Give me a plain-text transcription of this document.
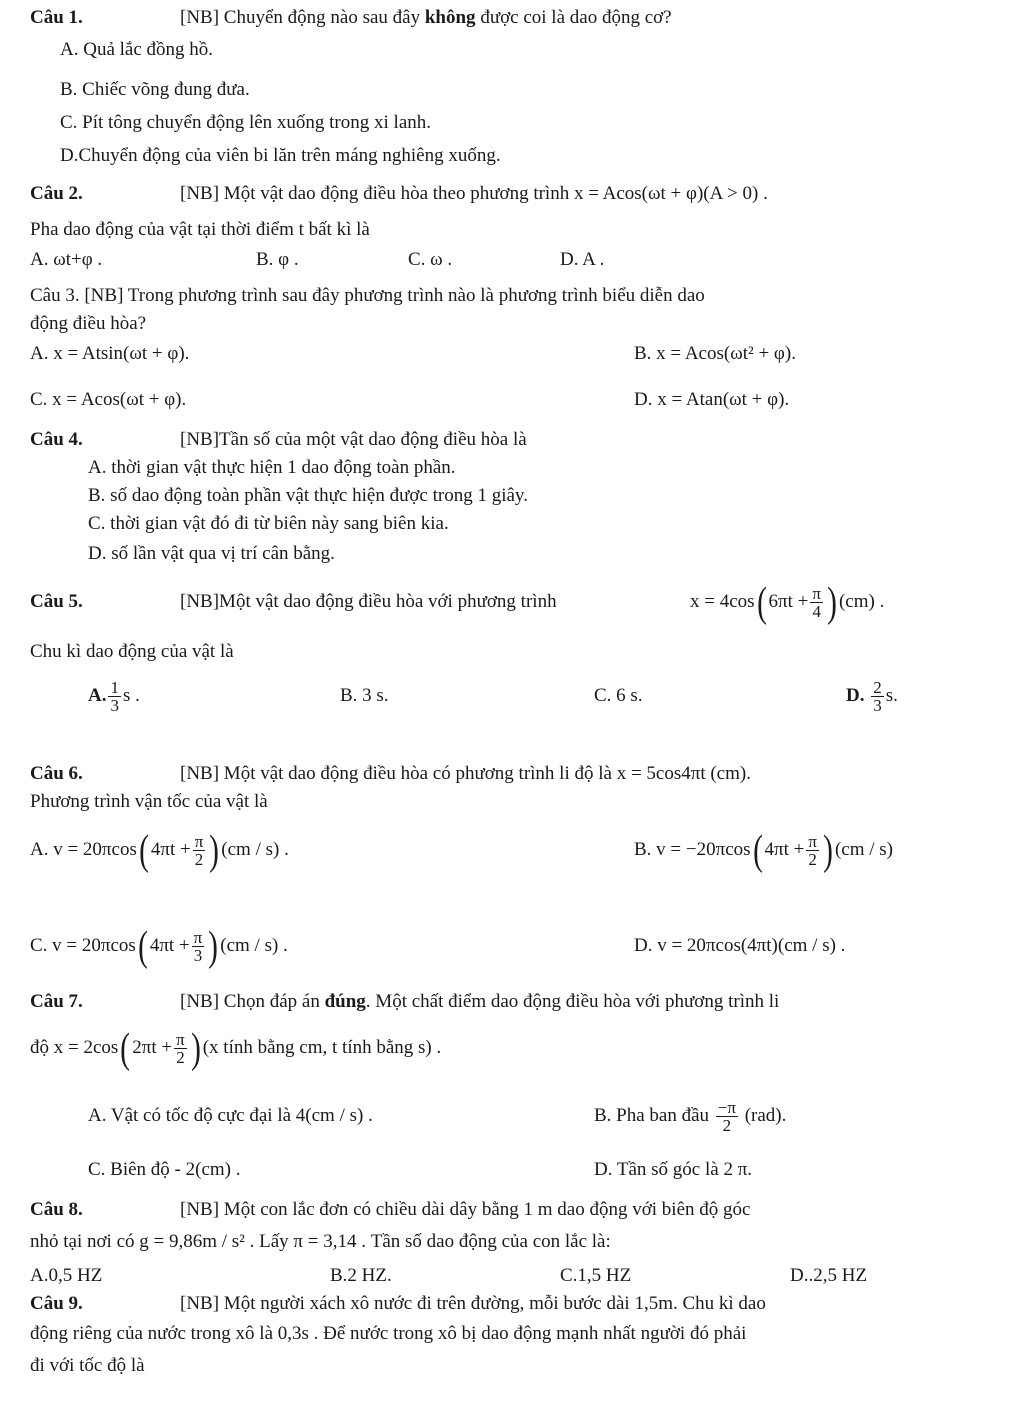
Câu 1.	[NB] Chuyển động nào sau đây không được coi là dao động cơ?
A. Quả lắc đồng hồ.
B. Chiếc võng đung đưa.
C. Pít tông chuyển động lên xuống trong xi lanh.
D.Chuyển động của viên bi lăn trên máng nghiêng xuống.
Câu 2.	[NB] Một vật dao động điều hòa theo phương trình x = Acos(ωt + φ)(A > 0) .
Pha dao động của vật tại thời điểm t bất kì là
A. ωt+φ .	B. φ .	C. ω .	D. A .
Câu 3. [NB] Trong phương trình sau đây phương trình nào là phương trình biểu diễn dao
động điều hòa?
A. x = Atsin(ωt + φ).	B. x = Acos(ωt² + φ).
C. x = Acos(ωt + φ).	D. x = Atan(ωt + φ).
Câu 4.	[NB]Tần số của một vật dao động điều hòa là
A. thời gian vật thực hiện 1 dao động toàn phần.
B. số dao động toàn phần vật thực hiện được trong 1 giây.
C. thời gian vật đó đi từ biên này sang biên kia.
D. số lần vật qua vị trí cân bằng.
Câu 5.	[NB]Một vật dao động điều hòa với phương trình	x = 4cos( $6\pi t + \frac{\pi}{4}$ ) (cm) .
Chu kì dao động của vật là
A. $\frac{1}{3}$ s .	B. 3 s.	C. 6 s.	D. $\frac{2}{3} s$.
Câu 6.	[NB] Một vật dao động điều hòa có phương trình li độ là x = 5cos4πt (cm).
Phương trình vận tốc của vật là
A. v = 20πcos( $4\pi t + \frac{\pi}{2}$ ) (cm / s) .	B. v = −20πcos( $4\pi t + \frac{\pi}{2}$ ) (cm / s)
C. v = 20πcos( $4\pi t + \frac{\pi}{3}$ ) (cm / s) .	D. v = 20πcos(4πt)(cm / s) .
Câu 7.	[NB] Chọn đáp án đúng. Một chất điểm dao động điều hòa với phương trình li
độ x = 2cos( $2\pi t + \frac{\pi}{2}$ ) (x tính bằng cm, t tính bằng s) .
A. Vật có tốc độ cực đại là 4(cm / s) .	B. Pha ban đầu $\frac{-\pi}{2} (rad)$.
C. Biên độ - 2(cm) .	D. Tần số góc là 2 π.
Câu 8.	[NB] Một con lắc đơn có chiều dài dây bằng 1 m dao động với biên độ góc
nhỏ tại nơi có g = 9,86m / s² . Lấy π = 3,14 . Tần số dao động của con lắc là:
A.0,5 HZ	B.2 HZ.	C.1,5 HZ	D..2,5 HZ
Câu 9.	[NB] Một người xách xô nước đi trên đường, mỗi bước dài 1,5m. Chu kì dao
động riêng của nước trong xô là 0,3s . Để nước trong xô bị dao động mạnh nhất người đó phải
đi với tốc độ là
